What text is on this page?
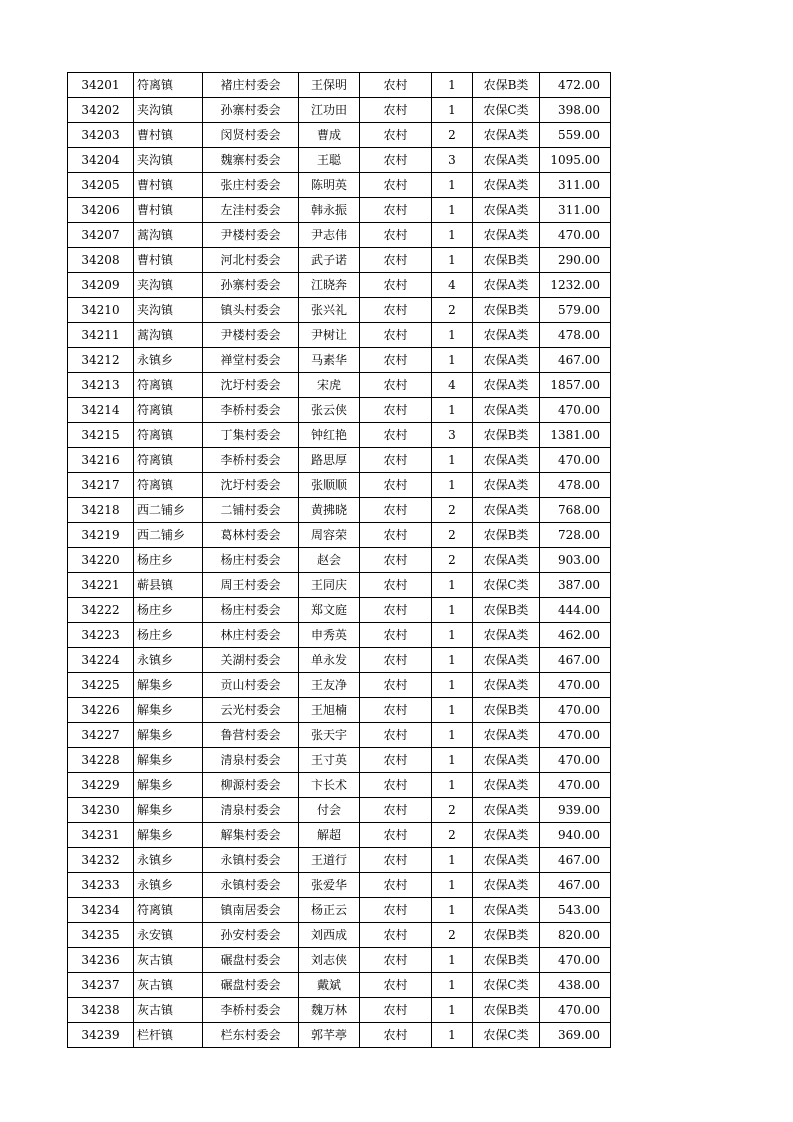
34201	符离镇	褚庄村委会	王保明	农村	1	农保B类	472.00
34202	夹沟镇	孙寨村委会	江功田	农村	1	农保C类	398.00
34203	曹村镇	闵贤村委会	曹成	农村	2	农保A类	559.00
34204	夹沟镇	魏寨村委会	王聪	农村	3	农保A类	1095.00
34205	曹村镇	张庄村委会	陈明英	农村	1	农保A类	311.00
34206	曹村镇	左洼村委会	韩永振	农村	1	农保A类	311.00
34207	蒿沟镇	尹楼村委会	尹志伟	农村	1	农保A类	470.00
34208	曹村镇	河北村委会	武子诺	农村	1	农保B类	290.00
34209	夹沟镇	孙寨村委会	江晓奔	农村	4	农保A类	1232.00
34210	夹沟镇	镇头村委会	张兴礼	农村	2	农保B类	579.00
34211	蒿沟镇	尹楼村委会	尹树让	农村	1	农保A类	478.00
34212	永镇乡	禅堂村委会	马素华	农村	1	农保A类	467.00
34213	符离镇	沈圩村委会	宋虎	农村	4	农保A类	1857.00
34214	符离镇	李桥村委会	张云侠	农村	1	农保A类	470.00
34215	符离镇	丁集村委会	钟红艳	农村	3	农保B类	1381.00
34216	符离镇	李桥村委会	路思厚	农村	1	农保A类	470.00
34217	符离镇	沈圩村委会	张顺顺	农村	1	农保A类	478.00
34218	西二铺乡	二铺村委会	黄拂晓	农村	2	农保A类	768.00
34219	西二铺乡	葛林村委会	周容荣	农村	2	农保B类	728.00
34220	杨庄乡	杨庄村委会	赵会	农村	2	农保A类	903.00
34221	蕲县镇	周王村委会	王同庆	农村	1	农保C类	387.00
34222	杨庄乡	杨庄村委会	郑文庭	农村	1	农保B类	444.00
34223	杨庄乡	林庄村委会	申秀英	农村	1	农保A类	462.00
34224	永镇乡	关湖村委会	单永发	农村	1	农保A类	467.00
34225	解集乡	贡山村委会	王友净	农村	1	农保A类	470.00
34226	解集乡	云光村委会	王旭楠	农村	1	农保B类	470.00
34227	解集乡	鲁营村委会	张天宇	农村	1	农保A类	470.00
34228	解集乡	清泉村委会	王寸英	农村	1	农保A类	470.00
34229	解集乡	柳源村委会	卞长术	农村	1	农保A类	470.00
34230	解集乡	清泉村委会	付会	农村	2	农保A类	939.00
34231	解集乡	解集村委会	解超	农村	2	农保A类	940.00
34232	永镇乡	永镇村委会	王道行	农村	1	农保A类	467.00
34233	永镇乡	永镇村委会	张爱华	农村	1	农保A类	467.00
34234	符离镇	镇南居委会	杨正云	农村	1	农保A类	543.00
34235	永安镇	孙安村委会	刘西成	农村	2	农保B类	820.00
34236	灰古镇	碾盘村委会	刘志侠	农村	1	农保B类	470.00
34237	灰古镇	碾盘村委会	戴斌	农村	1	农保C类	438.00
34238	灰古镇	李桥村委会	魏万林	农村	1	农保B类	470.00
34239	栏杆镇	栏东村委会	郭芊葶	农村	1	农保C类	369.00
